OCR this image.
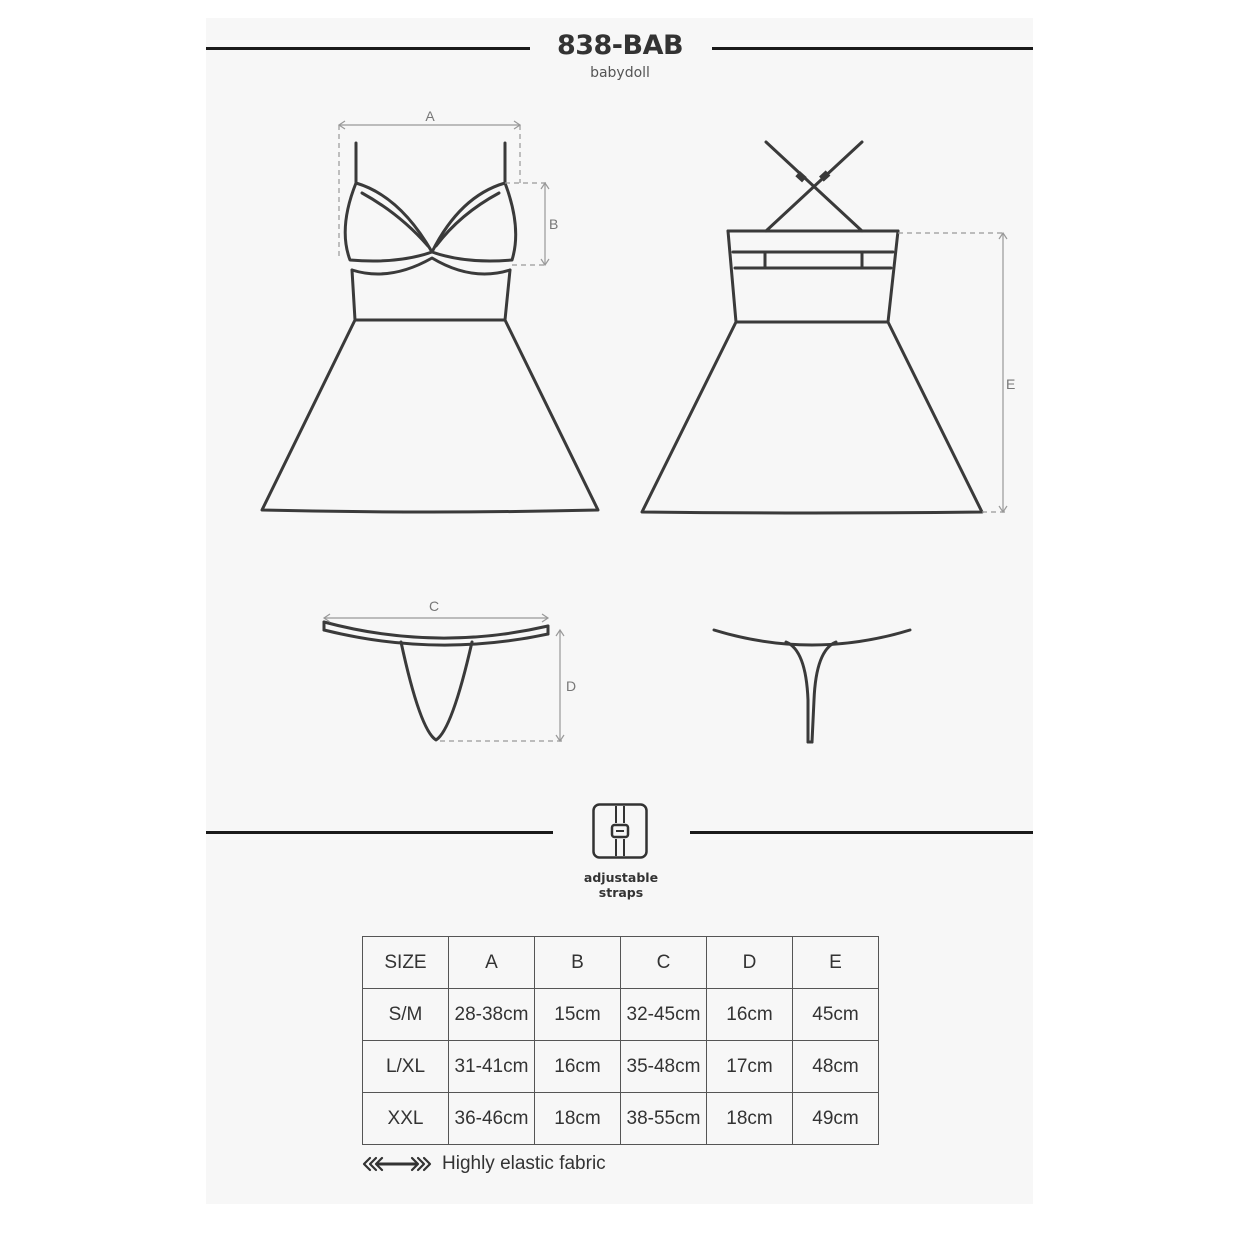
838-BAB
babydoll
A
B
E
C
D
adjustable
straps
SIZE	A	B	C	D	E
S/M	28-38cm	15cm	32-45cm	16cm	45cm
L/XL	31-41cm	16cm	35-48cm	17cm	48cm
XXL	36-46cm	18cm	38-55cm	18cm	49cm
Highly elastic fabric
